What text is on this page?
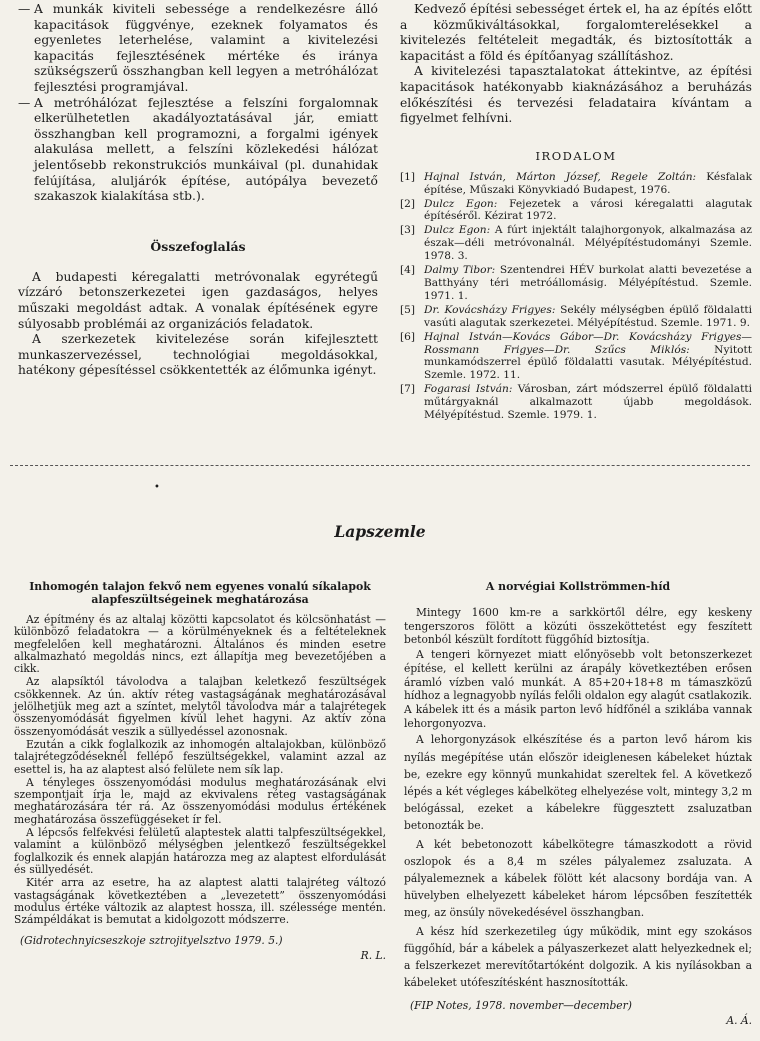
— A munkák kiviteli sebessége a rendelkezésre álló kapacitások függvénye, ezeknek folyamatos és egyenletes leterhelése, valamint a kivitelezési kapacitás fejlesztésének mértéke és iránya szükségszerű összhangban kell legyen a metróhálózat fejlesztési programjával.
— A metróhálózat fejlesztése a felszíni forgalomnak elkerülhetetlen akadályoztatásával jár, emiatt összhangban kell programozni, a forgalmi igények alakulása mellett, a felszíni közlekedési hálózat jelentősebb rekonstrukciós munkáival (pl. dunahidak felújítása, aluljárók építése, autópálya bevezető szakaszok kialakítása stb.).
Összefoglalás

A budapesti kéregalatti metróvonalak egyrétegű vízzáró betonszerkezetei igen gazdaságos, helyes műszaki megoldást adtak. A vonalak építésének egyre súlyosabb problémái az organizációs feladatok.

A szerkezetek kivitelezése során kifejlesztett munkaszervezéssel, technológiai megoldásokkal, hatékony gépesítéssel csökkentették az élőmunka igényt.

Kedvező építési sebességet értek el, ha az építés előtt a közműkiváltásokkal, forgalomterelésekkel a kivitelezés feltételeit megadták, és biztosították a kapacitást a föld és építőanyag szállításhoz.

A kivitelezési tapasztalatokat áttekintve, az építési kapacitások hatékonyabb kiaknázásához a beruházás előkészítési és tervezési feladataira kívántam a figyelmet felhívni.

IRODALOM
[1] Hajnal István, Márton József, Regele Zoltán: Késfalak építése, Műszaki Könyvkiadó Budapest, 1976.
[2] Dulcz Egon: Fejezetek a városi kéregalatti alagutak építéséről. Kézirat 1972.
[3] Dulcz Egon: A fúrt injektált talajhorgonyok, alkalmazása az észak—déli metróvonalnál. Mélyépítéstudományi Szemle. 1978. 3.
[4] Dalmy Tibor: Szentendrei HÉV burkolat alatti bevezetése a Batthyány téri metróállomásig. Mélyépítéstud. Szemle. 1971. 1.
[5] Dr. Kovácsházy Frigyes: Sekély mélységben épülő földalatti vasúti alagutak szerkezetei. Mélyépítéstud. Szemle. 1971. 9.
[6] Hajnal István—Kovács Gábor—Dr. Kovácsházy Frigyes—Rossmann Frigyes—Dr. Szűcs Miklós: Nyitott munkamódszerrel épülő földalatti vasutak. Mélyépítéstud. Szemle. 1972. 11.
[7] Fogarasi István: Városban, zárt módszerrel épülő földalatti műtárgyaknál alkalmazott újabb megoldások. Mélyépítéstud. Szemle. 1979. 1.
•
Lapszemle
Inhomogén talajon fekvő nem egyenes vonalú síkalapok alapfeszültségeinek meghatározása

Az építmény és az altalaj közötti kapcsolatot és kölcsönhatást — különböző feladatokra — a körülményeknek és a feltételeknek megfelelően kell meghatározni. Általános és minden esetre alkalmazható megoldás nincs, ezt állapítja meg bevezetőjében a cikk.

Az alapsíktól távolodva a talajban keletkező feszültségek csökkennek. Az ún. aktív réteg vastagságának meghatározásával jelölhetjük meg azt a színtet, melytől távolodva már a talajrétegek összenyomódását figyelmen kívül lehet hagyni. Az aktív zóna összenyomódását veszik a süllyedéssel azonosnak.

Ezután a cikk foglalkozik az inhomogén altalajokban, különböző talajrétegződéseknél fellépő feszültségekkel, valamint azzal az esettel is, ha az alaptest alsó felülete nem sík lap.

A tényleges összenyomódási modulus meghatározásának elvi szempontjait írja le, majd az ekvivalens réteg vastagságának meghatározására tér rá. Az összenyomódási modulus értékének meghatározása összefüggéseket ír fel.

A lépcsős felfekvési felületű alaptestek alatti talpfeszültségekkel, valamint a különböző mélységben jelentkező feszültségekkel foglalkozik és ennek alapján határozza meg az alaptest elfordulását és süllyedését.

Kitér arra az esetre, ha az alaptest alatti talajréteg változó vastagságának következtében a „levezetett” összenyomódási modulus értéke változik az alaptest hossza, ill. szélessége mentén. Számpéldákat is bemutat a kidolgozott módszerre.

(Gidrotechnyicseszkoje sztrojityelsztvo 1979. 5.)
R. L.
A norvégiai Kollströmmen-híd

Mintegy 1600 km-re a sarkkörtől délre, egy keskeny tengerszoros fölött a közúti összeköttetést egy feszített betonból készült fordított függőhíd biztosítja.

A tengeri környezet miatt előnyösebb volt betonszerkezet építése, el kellett kerülni az árapály következtében erősen áramló vízben való munkát. A 85+20+18+8 m támaszközű hídhoz a legnagyobb nyílás felőli oldalon egy alagút csatlakozik. A kábelek itt és a másik parton levő hídfőnél a sziklába vannak lehorgonyozva.

A lehorgonyzások elkészítése és a parton levő három kis nyílás megépítése után először ideiglenesen kábeleket húztak be, ezekre egy könnyű munkahidat szereltek fel. A következő lépés a két végleges kábelköteg elhelyezése volt, mintegy 3,2 m belógással, ezeket a kábelekre függesztett zsaluzatban betonozták be.

A két bebetonozott kábelkötegre támaszkodott a rövid oszlopok és a 8,4 m széles pályalemez zsaluzata. A pályalemeznek a kábelek fölött két alacsony bordája van. A hüvelyben elhelyezett kábeleket három lépcsőben feszítették meg, az önsúly növekedésével összhangban.

A kész híd szerkezetileg úgy működik, mint egy szokásos függőhíd, bár a kábelek a pályaszerkezet alatt helyezkednek el; a felszerkezet merevítőtartóként dolgozik. A kis nyílásokban a kábeleket utófeszítésként hasznosították.

(FIP Notes, 1978. november—december)
A. Á.
